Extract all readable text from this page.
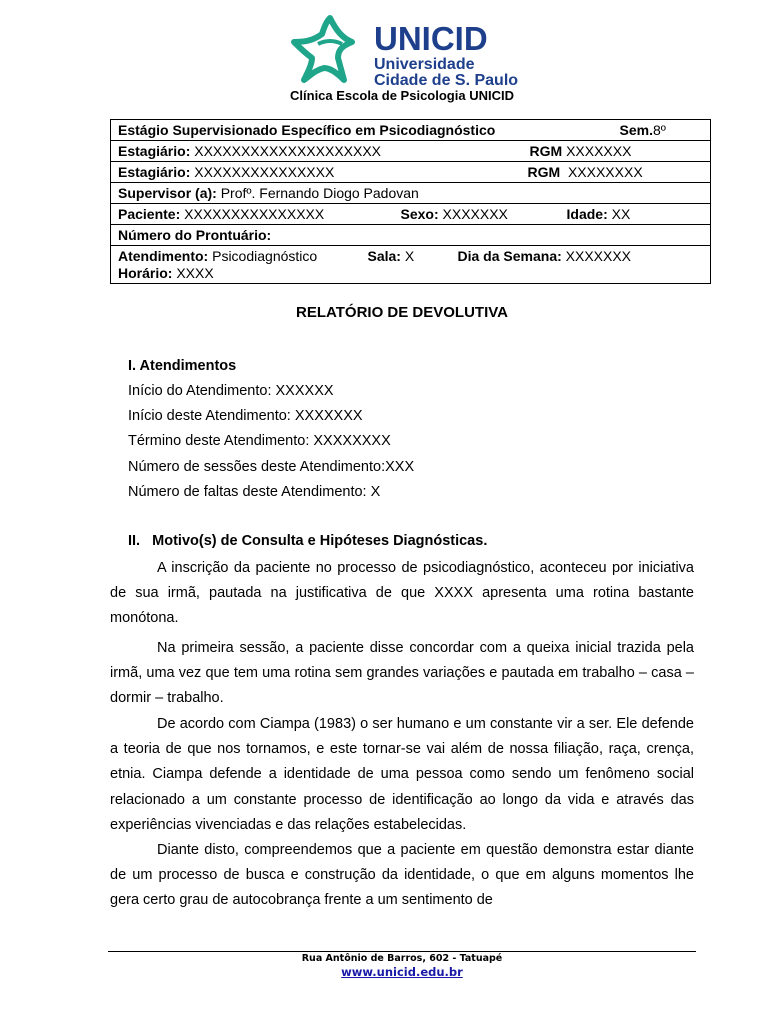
UNICID
Universidade
Cidade de S. Paulo
Clínica Escola de Psicologia UNICID
Estágio Supervisionado Específico em Psicodiagnóstico	Sem.8º

Estagiário: XXXXXXXXXXXXXXXXXXXX	RGM XXXXXXX

Estagiário: XXXXXXXXXXXXXXX	RGM XXXXXXXX

Supervisor (a): Profº. Fernando Diogo Padovan
Paciente: XXXXXXXXXXXXXXX	Sexo: XXXXXXX	Idade: XX

Número do Prontuário:

Atendimento: Psicodiagnóstico	Sala: X	Dia da Semana: XXXXXXX
Horário: XXXX
RELATÓRIO DE DEVOLUTIVA
I. Atendimentos
Início do Atendimento: XXXXXX
Início deste Atendimento: XXXXXXX
Término deste Atendimento: XXXXXXXX
Número de sessões deste Atendimento:XXX
Número de faltas deste Atendimento: X
II.   Motivo(s) de Consulta e Hipóteses Diagnósticas.

A inscrição da paciente no processo de psicodiagnóstico, aconteceu por iniciativa de sua irmã, pautada na justificativa de que XXXX apresenta uma rotina bastante monótona.

Na primeira sessão, a paciente disse concordar com a queixa inicial trazida pela irmã, uma vez que tem uma rotina sem grandes variações e pautada em trabalho – casa – dormir – trabalho.

De acordo com Ciampa (1983) o ser humano e um constante vir a ser. Ele defende a teoria de que nos tornamos, e este tornar-se vai além de nossa filiação, raça, crença, etnia. Ciampa defende a identidade de uma pessoa como sendo um fenômeno social relacionado a um constante processo de identificação ao longo da vida e através das experiências vivenciadas e das relações estabelecidas.

Diante disto, compreendemos que a paciente em questão demonstra estar diante de um processo de busca e construção da identidade, o que em alguns momentos lhe gera certo grau de autocobrança frente a um sentimento de

Rua Antônio de Barros, 602 - Tatuapé
www.unicid.edu.br
